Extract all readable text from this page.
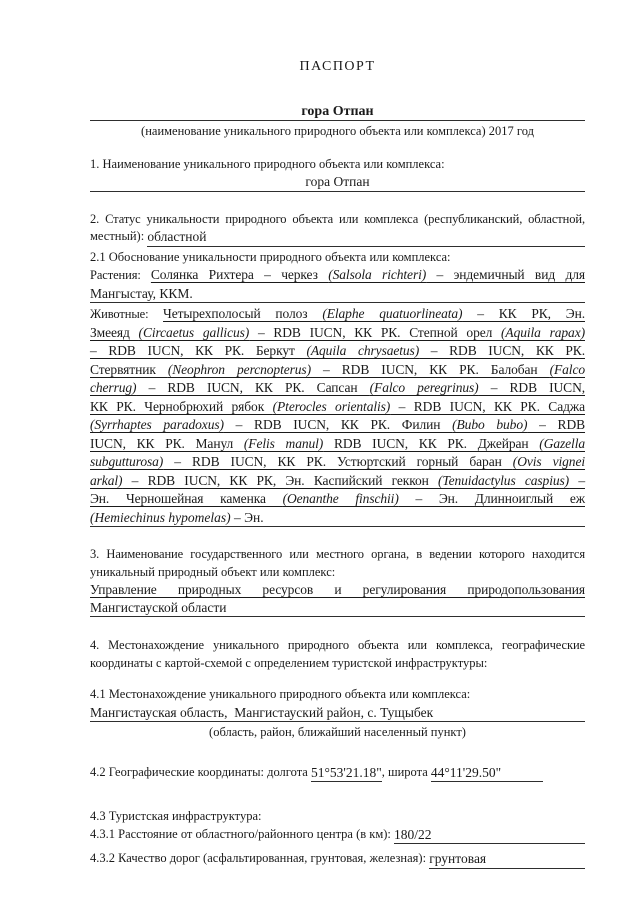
ПАСПОРТ
гора Отпан
(наименование уникального природного объекта или комплекса) 2017 год
1. Наименование уникального природного объекта или комплекса:
гора Отпан
2. Статус уникальности природного объекта или комплекса (республиканский, областной,
местный): областной
2.1 Обоснование уникальности природного объекта или комплекса:
Растения: Солянка Рихтера – черкез (Salsola richteri) – эндемичный вид для
Мангыстау, ККМ.
Животные: Четырехполосый полоз (Elaphe quatuorlineata) – КК РК, Эн.
Змееяд (Circaetus gallicus) – RDB IUCN, КК РК. Степной орел (Aquila rapax)
– RDB IUCN, КК РК. Беркут (Aquila chrysaetus) – RDB IUCN, КК РК.
Стервятник (Neophron percnopterus) – RDB IUCN, КК РК. Балобан (Falco
cherrug) – RDB IUCN, КК РК. Сапсан (Falco peregrinus) – RDB IUCN,
КК РК. Чернобрюхий рябок (Pterocles orientalis) – RDB IUCN, КК РК. Саджа
(Syrrhaptes paradoxus) – RDB IUCN, КК РК. Филин (Bubo bubo) – RDB
IUCN, КК РК. Манул (Felis manul) RDB IUCN, КК РК. Джейран (Gazella
subgutturosa) – RDB IUCN, КК РК. Устюртский горный баран (Ovis vignei
arkal) – RDB IUCN, КК РК, Эн. Каспийский геккон (Tenuidactylus caspius) –
Эн. Черношейная каменка (Oenanthe finschii) – Эн. Длинноиглый еж
(Hemiechinus hypomelas) – Эн.
3. Наименование государственного или местного органа, в ведении которого находится
уникальный природный объект или комплекс:
Управление природных ресурсов и регулирования природопользования
Мангистауской области
4. Местонахождение уникального природного объекта или комплекса, географические
координаты с картой-схемой с определением туристской инфраструктуры:
4.1 Местонахождение уникального природного объекта или комплекса:
Мангистауская область,  Мангистауский район, с. Тущыбек
(область, район, ближайший населенный пункт)
4.2 Географические координаты: долгота 51°53'21.18" , широта 44°11'29.50"
4.3 Туристская инфраструктура:
4.3.1 Расстояние от областного/районного центра (в км): 180/22
4.3.2 Качество дорог (асфальтированная, грунтовая, железная): грунтовая
